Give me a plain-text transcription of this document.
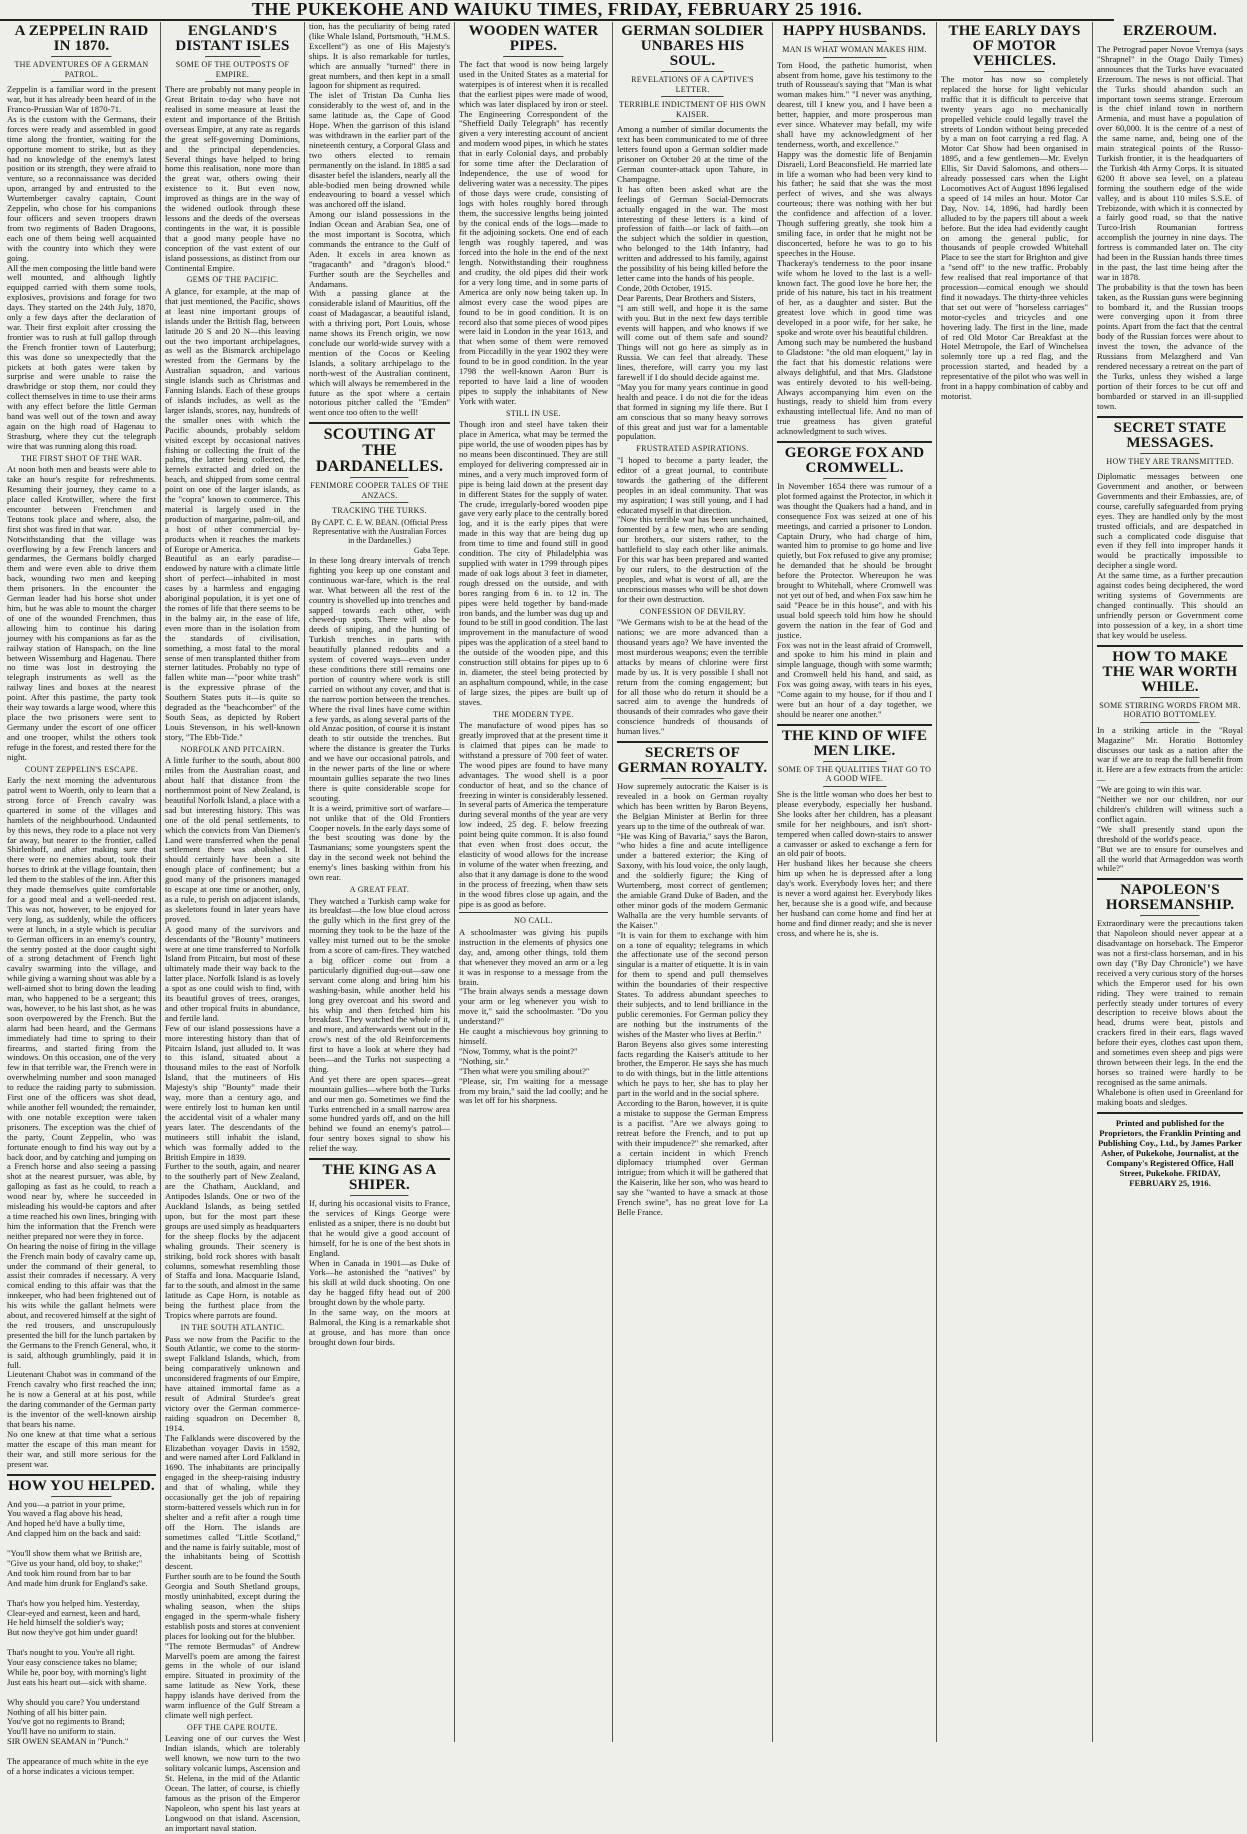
THE PUKEKOHE AND WAIUKU TIMES, FRIDAY, FEBRUARY 25 1916.
A ZEPPELIN RAID IN 1870.
THE ADVENTURES OF A GERMAN PATROL.
Zeppelin is a familiar word in the present war, but it has already been heard of in the Franco-Prussian War of 1870-71.
As is the custom with the Germans, their forces were ready and assembled in good time along the frontier, waiting for the opportune moment to strike, but as they had no knowledge of the enemy's latest position or its strength, they were afraid to venture, so a reconnaissance was decided upon, arranged by and entrusted to the Wurtemberger cavalry captain, Count Zeppelin, who chose for his companions four officers and seven troopers drawn from two regiments of Baden Dragoons, each one of them being well acquainted with the country into which they were going.
All the men composing the little band were well mounted, and although lightly equipped carried with them some tools, explosives, provisions and forage for two days. They started on the 24th July, 1870, only a few days after the declaration of war. Their first exploit after crossing the frontier was to rush at full gallop through the French frontier town of Lauterburg; this was done so unexpectedly that the pickets at both gates were taken by surprise and were unable to raise the drawbridge or stop them, nor could they collect themselves in time to use their arms with any effect before the little German band was well out of the town and away again on the high road of Hagenau to Strasburg, where they cut the telegraph wire that was running along this road.
THE FIRST SHOT OF THE WAR.
At noon both men and beasts were able to take an hour's respite for refreshments. Resuming their journey, they came to a place called Krotwiller, where the first encounter between Frenchmen and Teutons took place and where, also, the first shot was fired in that war.
Notwithstanding that the village was overflowing by a few French lancers and gendarmes, the Germans boldly charged them and were even able to drive them back, wounding two men and keeping them prisoners. In the encounter the German leader had his horse shot under him, but he was able to mount the charger of one of the wounded Frenchmen, thus allowing him to continue his daring journey with his companions as far as the railway station of Hanspach, on the line between Wissemburg and Hagenau. There no time was lost in destroying the telegraph instruments as well as the railway lines and boxes at the nearest point. After this pastime, the party took their way towards a large wood, where this place the two prisoners were sent to Germany under the escort of one officer and one trooper, whilst the others took refuge in the forest, and rested there for the night.
COUNT ZEPPELIN'S ESCAPE.
Early the next morning the adventurous patrol went to Woerth, only to learn that a strong force of French cavalry was quartered in some of the villages and hamlets of the neighbourhood. Undaunted by this news, they rode to a place not very far away, but nearer to the frontier, called Shirlenhoff, and after making sure that there were no enemies about, took their horses to drink at the village fountain, then led them to the stables of the inn. After this they made themselves quite comfortable for a good meal and a well-needed rest. This was not, however, to be enjoyed for very long, as suddenly, while the officers were at lunch, in a style which is peculiar to German officers in an enemy's country, the sentry posted at the door caught sight of a strong detachment of French light cavalry swarming into the village, and while giving a warning shout was able by a well-aimed shot to bring down the leading man, who happened to be a sergeant; this was, however, to be his last shot, as he was soon overpowered by the French. But the alarm had been heard, and the Germans immediately had time to spring to their firearms, and started firing from the windows. On this occasion, one of the very few in that terrible war, the French were in overwhelming number and soon managed to reduce the raiding party to submission. First one of the officers was shot dead, while another fell wounded; the remainder, with one notable exception were taken prisoners. The exception was the chief of the party, Count Zeppelin, who was fortunate enough to find his way out by a back door, and by catching and jumping on a French horse and also seeing a passing shot at the nearest pursuer, was able, by galloping as fast as he could, to reach a wood near by, where he succeeded in misleading his would-be captors and after a time reached his own lines, bringing with him the information that the French were neither prepared nor were they in force.
On hearing the noise of firing in the village the French main body of cavalry came up, under the command of their general, to assist their comrades if necessary. A very comical ending to this affair was that the innkeeper, who had been frightened out of his wits while the gallant helmets were about, and recovered himself at the sight of the red trousers, and unscrupulously presented the bill for the lunch partaken by the Germans to the French General, who, it is said, although grumblingly, paid it in full.
Lieutenant Chabot was in command of the French cavalry who first reached the inn; he is now a General at at his post, while the daring commander of the German party is the inventor of the well-known airship that bears his name.
No one knew at that time what a serious matter the escape of this man meant for their war, and still more serious for the present war.
HOW YOU HELPED.
And you—a patriot in your prime,
You waved a flag above his head,
And hoped he'd have a bully time,
And clapped him on the back and said:

"You'll show them what we British are,
"Give us your hand, old boy, to shake;"
And took him round from bar to bar
And made him drunk for England's sake.

That's how you helped him. Yesterday,
Clear-eyed and earnest, keen and hard,
He held himself the soldier's way;
But now they've got him under guard!

That's nought to you. You're all right.
Your easy conscience takes no blame;
While he, poor boy, with morning's light
Just eats his heart out—sick with shame.

Why should you care? You understand
Nothing of all his bitter pain.
You've got no regiments to Brand;
You'll have no uniform to stain.
SIR OWEN SEAMAN in "Punch."

The appearance of much white in the eye of a horse indicates a vicious temper.
ENGLAND'S DISTANT ISLES
SOME OF THE OUTPOSTS OF EMPIRE.
There are probably not many people in Great Britain to-day who have not realised in some measure at least the extent and importance of the British overseas Empire, at any rate as regards the great self-governing Dominions, and the principal dependencies. Several things have helped to bring home this realisation, none more than the great war, others owing their existence to it. But even now, improved as things are in the way of the widened outlook through these lessons and the deeds of the overseas contingents in the war, it is possible that a good many people have no conception of the vast extent of our island possessions, as distinct from our Continental Empire.
GEMS OF THE PACIFIC.
A glance, for example, at the map of that just mentioned, the Pacific, shows at least nine important groups of islands under the British flag, between latitude 20 S and 20 N—this leaving out the two important archipelagoes, as well as the Bismarck archipelago wrested from the Germans by the Australian squadron, and various single islands such as Christmas and Fanning Islands. Each of these groups of islands includes, as well as the larger islands, scores, nay, hundreds of the smaller ones with which the Pacific abounds, probably seldom visited except by occasional natives fishing or collecting the fruit of the palms, the latter being collected, the kernels extracted and dried on the beach, and shipped from some central point on one of the larger islands, as the "copra" known to commerce. This material is largely used in the production of margarine, palm-oil, and a host of other commercial by-products when it reaches the markets of Europe or America.
Beautiful as an early paradise—endowed by nature with a climate little short of perfect—inhabited in most cases by a harmless and engaging aboriginal population, it is yet one of the romes of life that there seems to be in the balmy air, in the ease of life, even more than in the isolation from the standards of civilisation, something, a most fatal to the moral sense of men transplanted thither from sterner latitudes. Probably no type of fallen white man—"poor white trash" is the expressive phrase of the Southern States puts it—is quite so degraded as the "beachcomber" of the South Seas, as depicted by Robert Louis Stevenson, in his well-known story, "The Ebb-Tide."
NORFOLK AND PITCAIRN.
A little further to the south, about 800 miles from the Australian coast, and about half that distance from the northernmost point of New Zealand, is beautiful Norfolk Island, a place with a sad but interesting history. This was one of the old penal settlements, to which the convicts from Van Diemen's Land were transferred when the penal settlement there was abolished. It should certainly have been a site enough place of confinement; but a good many of the prisoners managed to escape at one time or another, only, as a rule, to perish on adjacent islands, as skeletons found in later years have proved.
A good many of the survivors and descendants of the "Bounty" mutineers were at one time transferred to Norfolk Island from Pitcairn, but most of these ultimately made their way back to the latter place. Norfolk Island is as lovely a spot as one could wish to find, with its beautiful groves of trees, oranges, and other tropical fruits in abundance, and fertile land.
Few of our island possessions have a more interesting history than that of Pitcairn Island, just alluded to. It was to this island, situated about a thousand miles to the east of Norfolk Island, that the mutineers of His Majesty's ship "Bounty" made their way, more than a century ago, and were entirely lost to human ken until the accidental visit of a whaler many years later. The descendants of the mutineers still inhabit the island, which was formally added to the British Empire in 1839.
Further to the south, again, and nearer to the southerly part of New Zealand, are the Chatham, Auckland, and Antipodes Islands. One or two of the Auckland Islands, as being settled upon, but for the most part these groups are used simply as headquarters for the sheep flocks by the adjacent whaling grounds. Their scenery is striking, bold rock shores with basalt columns, somewhat resembling those of Staffa and Iona. Macquarie Island, far to the south, and almost in the same latitude as Cape Horn, is notable as being the furthest place from the Tropics where parrots are found.
IN THE SOUTH ATLANTIC.
Pass we now from the Pacific to the South Atlantic, we come to the storm-swept Falkland Islands, which, from being comparatively unknown and unconsidered fragments of our Empire, have attained immortal fame as a result of Admiral Sturdee's great victory over the German commerce-raiding squadron on December 8, 1914.
The Falklands were discovered by the Elizabethan voyager Davis in 1592, and were named after Lord Falkland in 1690. The inhabitants are principally engaged in the sheep-raising industry and that of whaling, while they occasionally get the job of repairing storm-battered vessels which run in for shelter and a refit after a rough time off the Horn. The islands are sometimes called "Little Scotland," and the name is fairly suitable, most of the inhabitants being of Scottish descent.
Further south are to be found the South Georgia and South Shetland groups, mostly uninhabited, except during the whaling season, when the ships engaged in the sperm-whale fishery establish posts and stores at convenient places for looking out for the blubber.
"The remote Bermudas" of Andrew Marvell's poem are among the fairest gems in the whole of our island empire. Situated in proximity of the same latitude as New York, these happy islands have derived from the warm influence of the Gulf Stream a climate well nigh perfect.
OFF THE CAPE ROUTE.
Leaving one of our curves the West Indian islands, which are tolerably well known, we now turn to the two solitary volcanic lumps, Ascension and St. Helena, in the mid of the Atlantic Ocean. The latter, of course, is chiefly famous as the prison of the Emperor Napoleon, who spent his last years at Longwood on that island. Ascension, an important naval station.
tion, has the peculiarity of being rated (like Whale Island, Portsmouth, "H.M.S. Excellent") as one of His Majesty's ships. It is also remarkable for turtles, which are annually "turned" there in great numbers, and then kept in a small lagoon for shipment as required.
The islet of Tristan Da Cunha lies considerably to the west of, and in the same latitude as, the Cape of Good Hope. When the garrison of this island was withdrawn in the earlier part of the nineteenth century, a Corporal Glass and two others elected to remain permanently on the island. In 1885 a sad disaster befel the islanders, nearly all the able-bodied men being drowned while endeavouring to board a vessel which was anchored off the island.
Among our island possessions in the Indian Ocean and Arabian Sea, one of the most important is Socotra, which commands the entrance to the Gulf of Aden. It excels in area known as "tragacanth" and "dragon's blood." Further south are the Seychelles and Andamans.
With a passing glance at the considerable island of Mauritius, off the coast of Madagascar, a beautiful island, with a thriving port, Port Louis, whose name shows its French origin, we now conclude our world-wide survey with a mention of the Cocos or Keeling Islands, a solitary archipelago to the north-west of the Australian continent, which will always be remembered in the future as the spot where a certain notorious pitcher called the "Emden" went once too often to the well!
SCOUTING AT THE DARDANELLES.
FENIMORE COOPER TALES OF THE ANZACS.
TRACKING THE TURKS.
By CAPT. C. E. W. BEAN. (Official Press Representative with the Australian Forces in the Dardanelles.)
Gaba Tepe.
In these long dreary intervals of trench fighting you keep up one constant and continuous war-fare, which is the real war. What between all the rest of the country is shovelled up into trenches and sapped towards each other, with chewed-up spots. There will also be deeds of sniping, and the hunting of Turkish trenches in parts with beautifully planned redoubts and a system of covered ways—even under these conditions there still remains one portion of country where work is still carried on without any cover, and that is the narrow portion between the trenches. Where the rival lines have come within a few yards, as along several parts of the old Anzac position, of course it is instant death to stir outside the trenches. But where the distance is greater the Turks and we have our occasional patrols, and in the newer parts of the line or where mountain gullies separate the two lines there is quite considerable scope for scouting.
It is a weird, primitive sort of warfare—not unlike that of the Old Frontiers Cooper novels. In the early days some of the best scouting was done by the Tasmanians; some youngsters spent the day in the second week not behind the enemy's lines basking within from his own rear.
A GREAT FEAT.
They watched a Turkish camp wake for its breakfast—the low blue cloud across the gully which in the first grey of the morning they took to be the haze of the valley mist turned out to be the smoke from a score of cam-fires. They watched a big officer come out from a particularly dignified dug-out—saw one servant come along and bring him his washing-basin, while another held his long grey overcoat and his sword and his whip and then fetched him his breakfast. They watched the whole of it, and more, and afterwards went out in the crow's nest of the old Reinforcements first to have a look at where they had been—and the Turks not suspecting a thing.
And yet there are open spaces—great mountain gullies—where both the Turks and our men go. Sometimes we find the Turks entrenched in a small narrow area some hundred yards off, and on the hill behind we found an enemy's patrol—four sentry boxes signal to show his relief the way.
THE KING AS A SHIPER.
If, during his occasional visits to France, the services of Kings George were enlisted as a sniper, there is no doubt but that he would give a good account of himself, for he is one of the best shots in England.
When in Canada in 1901—as Duke of York—he astonished the "natives" by his skill at wild duck shooting. On one day he bagged fifty head out of 200 brought down by the whole party.
In the same way, on the moors at Balmoral, the King is a remarkable shot at grouse, and has more than once brought down four birds.
WOODEN WATER PIPES.
The fact that wood is now being largely used in the United States as a material for waterpipes is of interest when it is recalled that the earliest pipes were made of wood, which was later displaced by iron or steel. The Engineering Correspondent of the "Sheffield Daily Telegraph" has recently given a very interesting account of ancient and modern wood pipes, in which he states that in early Colonial days, and probably for some time after the Declaration of Independence, the use of wood for delivering water was a necessity. The pipes of those days were crude, consisting of logs with holes roughly bored through them, the successive lengths being jointed by the conical ends of the logs—made to fit the adjoining sockets. One end of each length was roughly tapered, and was forced into the hole in the end of the next length. Notwithstanding their roughness and crudity, the old pipes did their work for a very long time, and in some parts of America are only now being taken up. In almost every case the wood pipes are found to be in good condition. It is on record also that some pieces of wood pipes were laid in London in the year 1613, and that when some of them were removed from Piccadilly in the year 1902 they were found to be in good condition. In the year 1798 the well-known Aaron Burr is reported to have laid a line of wooden pipes to supply the inhabitants of New York with water.
STILL IN USE.
Though iron and steel have taken their place in America, what may be termed the pipe world, the use of wooden pipes has by no means been discontinued. They are still employed for delivering compressed air in mines, and a very much improved form of pipe is being laid down at the present day in different States for the supply of water. The crude, irregularly-bored wooden pipe gave very early place to the centrally bored log, and it is the early pipes that were made in this way that are being dug up from time to time and found still in good condition. The city of Philadelphia was supplied with water in 1799 through pipes made of oak logs about 3 feet in diameter, rough dressed on the outside, and with bores ranging from 6 in. to 12 in. The pipes were held together by band-made iron bands, and the lumber was dug up and found to be still in good condition. The last improvement in the manufacture of wood pipes was the application of a steel band to the outside of the wooden pipe, and this construction still obtains for pipes up to 6 in. diameter, the steel being protected by an asphaltum compound, while, in the case of large sizes, the pipes are built up of staves.
THE MODERN TYPE.
The manufacture of wood pipes has so greatly improved that at the present time it is claimed that pipes can be made to withstand a pressure of 700 feet of water. The wood pipes are found to have many advantages. The wood shell is a poor conductor of heat, and so the chance of freezing in winter is considerably lessened. In several parts of America the temperature during several months of the year are very low indeed, 25 deg. F. below freezing point being quite common. It is also found that even when frost does occur, the elasticity of wood allows for the increase in volume of the water when freezing, and also that it any damage is done to the wood in the process of freezing, when thaw sets in the wood fibres close up again, and the pipe is as good as before.
NO CALL.
A schoolmaster was giving his pupils instruction in the elements of physics one day, and, among other things, told them that whenever they moved an arm or a leg it was in response to a message from the brain.
"The brain always sends a message down your arm or leg whenever you wish to move it," said the schoolmaster. "Do you understand?"
He caught a mischievous boy grinning to himself.
"Now, Tommy, what is the point?"
"Nothing, sir."
"Then what were you smiling about?"
"Please, sir, I'm waiting for a message from my brain," said the lad coolly; and he was let off for his sharpness.
GERMAN SOLDIER UNBARES HIS SOUL.
REVELATIONS OF A CAPTIVE'S LETTER.
TERRIBLE INDICTMENT OF HIS OWN KAISER.
Among a number of similar documents the text has been communicated to me of three letters found upon a German soldier made prisoner on October 20 at the time of the German counter-attack upon Tahure, in Champagne.
It has often been asked what are the feelings of German Social-Democrats actually engaged in the war. The most interesting of these letters is a kind of profession of faith—or lack of faith—on the subject which the soldier in question, who belonged to the 14th Infantry, had written and addressed to his family, against the possibility of his being killed before the letter came into the hands of his people.
Conde, 20th October, 1915.
Dear Parents, Dear Brothers and Sisters,
"I am still well, and hope it is the same with you. But in the next few days terrible events will happen, and who knows if we will come out of them safe and sound? Things will not go here as simply as in Russia. We can feel that already. These lines, therefore, will carry you my last farewell if I do should decide against me.
"May you for many years continue in good health and peace. I do not die for the ideas that formed in signing my life there. But I am conscious that so many heavy sorrows of this great and just war for a lamentable population.
FRUSTRATED ASPIRATIONS.
"I hoped to become a party leader, the editor of a great journal, to contribute towards the gathering of the different peoples in an ideal community. That was my aspiration; I was still young, and I had educated myself in that direction.
"Now this terrible war has been unchained, fomented by a few men, who are sending our brothers, our sisters rather, to the battlefield to slay each other like animals. For this war has been prepared and wanted by our rulers, to the destruction of the peoples, and what is worst of all, are the unconscious masses who will be shot down for their own destruction.
CONFESSION OF DEVILRY.
"We Germans wish to be at the head of the nations; we are more advanced than a thousand years ago? We have invented the most murderous weapons; even the terrible attacks by means of chlorine were first made by us. It is very possible I shall not return from the coming engagement; but for all those who do return it should be a sacred aim to avenge the hundreds of thousands of their comrades who gave their conscience hundreds of thousands of human lives."
SECRETS OF GERMAN ROYALTY.
How supremely autocratic the Kaiser is is revealed in a book on German royalty which has been written by Baron Beyens, the Belgian Minister at Berlin for three years up to the time of the outbreak of war.
"He was King of Bavaria," says the Baron, "who hides a fine and acute intelligence under a battered exterior; the King of Saxony, with his loud voice, the only laugh, and the soldierly figure; the King of Wurtemberg, most correct of gentlemen; the amiable Grand Duke of Baden, and the other minor gods of the modern Germanic Walhalla are the very humble servants of the Kaiser."
"It is vain for them to exchange with him on a tone of equality; telegrams in which the affectionate use of the second person singular is a matter of etiquette. It is in vain for them to spend and pull themselves within the boundaries of their respective States. To address abundant speeches to their subjects, and to lend brilliance in the public ceremonies. For German policy they are nothing but the instruments of the wishes of the Master who lives at Berlin."
Baron Beyens also gives some interesting facts regarding the Kaiser's attitude to her brother, the Emperor. He says she has much to do with things, but in the little attentions which he pays to her, she has to play her part in the world and in the social sphere.
According to the Baron, however, it is quite a mistake to suppose the German Empress is a pacifist. "Are we always going to retreat before the French, and to put up with their impudence?" she remarked, after a certain incident in which French diplomacy triumphed over German intrigue; from which it will be gathered that the Kaiserin, like her son, who was heard to say she "wanted to have a smack at those French swine", has no great love for La Belle France.
HAPPY HUSBANDS.
MAN IS WHAT WOMAN MAKES HIM.
Tom Hood, the pathetic humorist, when absent from home, gave his testimony to the truth of Rousseau's saying that "Man is what woman makes him." "I never was anything, dearest, till I knew you, and I have been a better, happier, and more prosperous man ever since. Whatever may befall, my wife shall have my acknowledgment of her tenderness, worth, and excellence."
Happy was the domestic life of Benjamin Disraeli, Lord Beaconsfield. He married late in life a woman who had been very kind to his father; he said that she was the most perfect of wives, and she was always courteous; there was nothing with her but the confidence and affection of a lover. Though suffering greatly, she took him a smiling face, in order that he might not be disconcerted, before he was to go to his speeches in the House.
Thackeray's tenderness to the poor insane wife whom he loved to the last is a well-known fact. The good love he bore her, the pride of his nature, his tact in his treatment of her, as a daughter and sister. But the greatest love which in good time was developed in a poor wife, for her sake, he spoke and wrote over his beautiful children.
Among such may be numbered the husband to Gladstone: "the old man eloquent," lay in the fact that his domestic relations were always delightful, and that Mrs. Gladstone was entirely devoted to his well-being. Always accompanying him even on the hustings, ready to shield him from every exhausting intellectual life. And no man of true greatness has given grateful acknowledgment to such wives.
GEORGE FOX AND CROMWELL.
In November 1654 there was rumour of a plot formed against the Protector, in which it was thought the Quakers had a hand, and in consequence Fox was seized at one of his meetings, and carried a prisoner to London. Captain Drury, who had charge of him, wanted him to promise to go home and live quietly, but Fox refused to give any promise; he demanded that he should be brought before the Protector. Whereupon he was brought to Whitehall, where Cromwell was not yet out of bed, and when Fox saw him he said "Peace be in this house", and with his usual bold speech told him how he should govern the nation in the fear of God and justice.
Fox was not in the least afraid of Cromwell, and spoke to him his mind in plain and simple language, though with some warmth; and Cromwell held his hand, and said, as Fox was going away, with tears in his eyes, "Come again to my house, for if thou and I were but an hour of a day together, we should be nearer one another."
THE KIND OF WIFE MEN LIKE.
SOME OF THE QUALITIES THAT GO TO A GOOD WIFE.
She is the little woman who does her best to please everybody, especially her husband. She looks after her children, has a pleasant smile for her neighbours, and isn't short-tempered when called down-stairs to answer a canvasser or asked to exchange a fern for an old pair of boots.
Her husband likes her because she cheers him up when he is depressed after a long day's work. Everybody loves her; and there is never a word against her. Everybody likes her, because she is a good wife, and because her husband can come home and find her at home and find dinner ready; and she is never cross, and where he is, she is.
THE EARLY DAYS OF MOTOR VEHICLES.
The motor has now so completely replaced the horse for light vehicular traffic that it is difficult to perceive that twenty years ago no mechanically propelled vehicle could legally travel the streets of London without being preceded by a man on foot carrying a red flag. A Motor Car Show had been organised in 1895, and a few gentlemen—Mr. Evelyn Ellis, Sir David Salomons, and others—already possessed cars when the Light Locomotives Act of August 1896 legalised a speed of 14 miles an hour. Motor Car Day, Nov. 14, 1896, had hardly been alluded to by the papers till about a week before. But the idea had evidently caught on among the general public, for thousands of people crowded Whitehall Place to see the start for Brighton and give a "send off" to the new traffic. Probably few realised that real importance of that procession—comical enough we should find it nowadays. The thirty-three vehicles that set out were of "horseless carriages" motor-cycles and tricycles and one hovering lady. The first in the line, made of red Old Motor Car Breakfast at the Hotel Metropole, the Earl of Winchelsea solemnly tore up a red flag, and the procession started, and headed by a representative of the pilot who was well in front in a happy combination of cabby and motorist.
ERZEROUM.
The Petrograd paper Novoe Vremya (says "Shrapnel" in the Otago Daily Times) announces that the Turks have evacuated Erzeroum. The news is not official. That the Turks should abandon such an important town seems strange. Erzeroum is the chief inland town in northern Armenia, and must have a population of over 60,000. It is the centre of a nest of the same name, and, being one of the main strategical points of the Russo-Turkish frontier, it is the headquarters of the Turkish 4th Army Corps. It is situated 6200 ft above sea level, on a plateau forming the southern edge of the wide valley, and is about 110 miles S.S.E. of Trebizonde, with which it is connected by a fairly good road, so that the native Turco-Irish Roumanian fortress accomplish the journey in nine days. The fortress is commanded later on. The city had been in the Russian hands three times in the past, the last time being after the war in 1878.
The probability is that the town has been taken, as the Russian guns were beginning to bombard it, and the Russian troops were converging upon it from three points. Apart from the fact that the central body of the Russian forces were about to invest the town, the advance of the Russians from Melazgherd and Van rendered necessary a retreat on the part of the Turks, unless they wished a large portion of their forces to be cut off and bombarded or starved in an ill-supplied town.
SECRET STATE MESSAGES.
HOW THEY ARE TRANSMITTED.
Diplomatic messages between one Government and another, or between Governments and their Embassies, are, of course, carefully safeguarded from prying eyes. They are handled only by the most trusted officials, and are despatched in such a complicated code disguise that even if they fell into improper hands it would be practically impossible to decipher a single word.
At the same time, as a further precaution against codes being deciphered, the word writing systems of Governments are changed continually. This should an unfriendly person or Government come into possession of a key, in a short time that key would be useless.
HOW TO MAKE THE WAR WORTH WHILE.
SOME STIRRING WORDS FROM MR. HORATIO BOTTOMLEY.
In a striking article in the "Royal Magazine" Mr. Horatio Bottomley discusses our task as a nation after the war if we are to reap the full benefit from it. Here are a few extracts from the article:—
"We are going to win this war.
"Neither we nor our children, nor our children's children will witness such a conflict again.
"We shall presently stand upon the threshold of the world's peace.
"But we are to ensure for ourselves and all the world that Armageddon was worth while?"
NAPOLEON'S HORSEMANSHIP.
Extraordinary were the precautions taken that Napoleon should never appear at a disadvantage on horseback. The Emperor was not a first-class horseman, and in his own day ("By Day Chronicle") we have received a very curious story of the horses which the Emperor used for his own riding. They were trained to remain perfectly steady under tortures of every description to receive blows about the head, drums were beat, pistols and crackers fired in their ears, flags waved before their eyes, clothes cast upon them, and sometimes even sheep and pigs were thrown between their legs. In the end the horses so trained were hardly to be recognised as the same animals.
Whalebone is often used in Greenland for making boats and sledges.
Printed and published for the Proprietors, the Franklin Printing and Publishing Coy., Ltd., by James Parker Asher, of Pukekohe, Journalist, at the Company's Registered Office, Hall Street, Pukekohe. FRIDAY, FEBRUARY 25, 1916.
